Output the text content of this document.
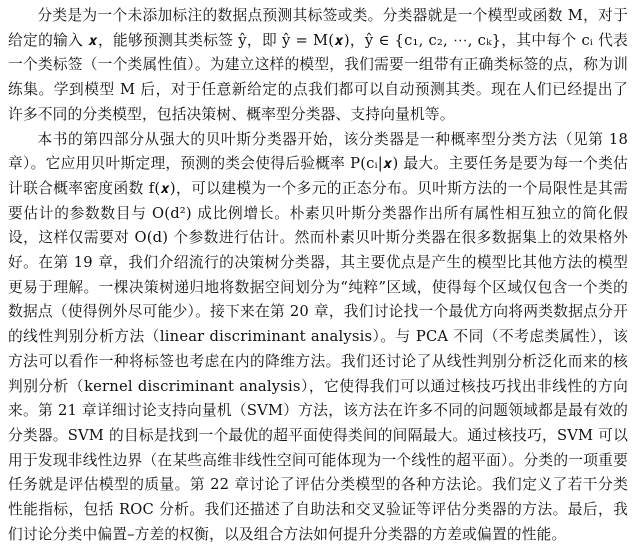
分类是为一个未添加标注的数据点预测其标签或类。分类器就是一个模型或函数 M，对于给定的输入 𝒙，能够预测其类标签 ŷ，即 ŷ = M(𝒙)，ŷ ∈ {c₁, c₂, ⋯, cₖ}，其中每个 cᵢ 代表一个类标签（一个类属性值）。为建立这样的模型，我们需要一组带有正确类标签的点，称为训练集。学到模型 M 后，对于任意新给定的点我们都可以自动预测其类。现在人们已经提出了许多不同的分类模型，包括决策树、概率型分类器、支持向量机等。

本书的第四部分从强大的贝叶斯分类器开始，该分类器是一种概率型分类方法（见第 18 章）。它应用贝叶斯定理，预测的类会使得后验概率 P(cᵢ|𝒙) 最大。主要任务是要为每一个类估计联合概率密度函数 f(𝒙)，可以建模为一个多元的正态分布。贝叶斯方法的一个局限性是其需要估计的参数数目与 O(d²) 成比例增长。朴素贝叶斯分类器作出所有属性相互独立的简化假设，这样仅需要对 O(d) 个参数进行估计。然而朴素贝叶斯分类器在很多数据集上的效果格外好。在第 19 章，我们介绍流行的决策树分类器，其主要优点是产生的模型比其他方法的模型更易于理解。一棵决策树递归地将数据空间划分为“纯粹”区域，使得每个区域仅包含一个类的数据点（使得例外尽可能少）。接下来在第 20 章，我们讨论找一个最优方向将两类数据点分开的线性判别分析方法（linear discriminant analysis）。与 PCA 不同（不考虑类属性），该方法可以看作一种将标签也考虑在内的降维方法。我们还讨论了从线性判别分析泛化而来的核判别分析（kernel discriminant analysis），它使得我们可以通过核技巧找出非线性的方向来。第 21 章详细讨论支持向量机（SVM）方法，该方法在许多不同的问题领域都是最有效的分类器。SVM 的目标是找到一个最优的超平面使得类间的间隔最大。通过核技巧，SVM 可以用于发现非线性边界（在某些高维非线性空间可能体现为一个线性的超平面）。分类的一项重要任务就是评估模型的质量。第 22 章讨论了评估分类模型的各种方法论。我们定义了若干分类性能指标，包括 ROC 分析。我们还描述了自助法和交叉验证等评估分类器的方法。最后，我们讨论分类中偏置–方差的权衡，以及组合方法如何提升分类器的方差或偏置的性能。
